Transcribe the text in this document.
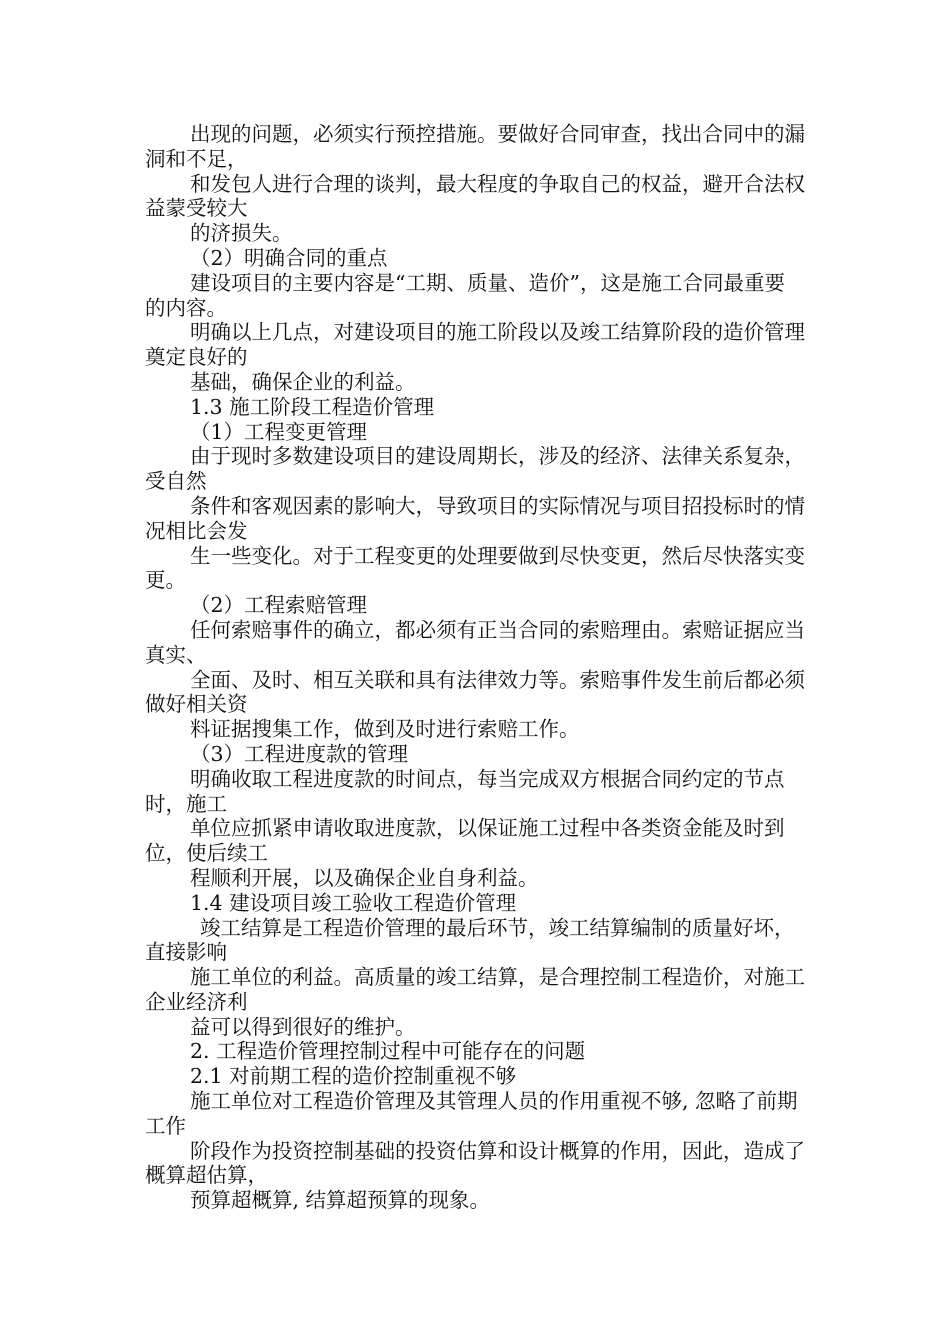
出现的问题，必须实行预控措施。要做好合同审查，找出合同中的漏洞和不足，

和发包人进行合理的谈判，最大程度的争取自己的权益，避开合法权益蒙受较大

的济损失。

（2）明确合同的重点

建设项目的主要内容是“工期、质量、造价”，这是施工合同最重要的内容。

明确以上几点，对建设项目的施工阶段以及竣工结算阶段的造价管理奠定良好的

基础，确保企业的利益。

1.3 施工阶段工程造价管理

（1）工程变更管理

由于现时多数建设项目的建设周期长，涉及的经济、法律关系复杂，受自然

条件和客观因素的影响大，导致项目的实际情况与项目招投标时的情况相比会发

生一些变化。对于工程变更的处理要做到尽快变更，然后尽快落实变更。

（2）工程索赔管理

任何索赔事件的确立，都必须有正当合同的索赔理由。索赔证据应当真实、

全面、及时、相互关联和具有法律效力等。索赔事件发生前后都必须做好相关资

料证据搜集工作，做到及时进行索赔工作。

（3）工程进度款的管理

明确收取工程进度款的时间点，每当完成双方根据合同约定的节点时，施工

单位应抓紧申请收取进度款，以保证施工过程中各类资金能及时到位，使后续工

程顺利开展，以及确保企业自身利益。

1.4 建设项目竣工验收工程造价管理

竣工结算是工程造价管理的最后环节，竣工结算编制的质量好坏，直接影响

施工单位的利益。高质量的竣工结算，是合理控制工程造价，对施工企业经济利

益可以得到很好的维护。

2. 工程造价管理控制过程中可能存在的问题

2.1 对前期工程的造价控制重视不够

施工单位对工程造价管理及其管理人员的作用重视不够, 忽略了前期工作

阶段作为投资控制基础的投资估算和设计概算的作用，因此，造成了概算超估算，

预算超概算, 结算超预算的现象。
